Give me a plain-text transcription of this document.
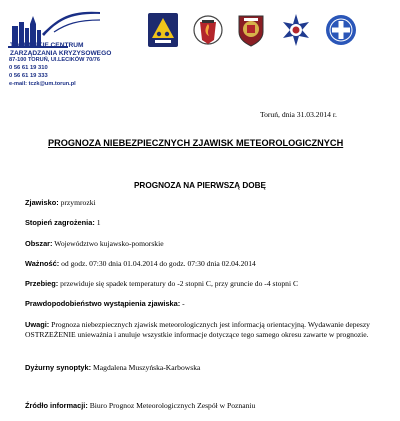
TORUŃSKIE CENTRUM
ZARZĄDZANIA KRYZYSOWEGO
87-100 TORUŃ, Ul.LECIKÓW 70/76
0 56 61 19 310
0 56 61 19 333
e-mail: tczk@um.torun.pl
Toruń, dnia 31.03.2014 r.
PROGNOZA NIEBEZPIECZNYCH ZJAWISK METEOROLOGICZNYCH
PROGNOZA NA PIERWSZĄ DOBĘ
Zjawisko: przymrozki
Stopień zagrożenia: 1
Obszar: Województwo kujawsko-pomorskie
Ważność: od godz. 07:30 dnia 01.04.2014 do godz. 07:30 dnia 02.04.2014
Przebieg: przewiduje się spadek temperatury do -2 stopni C, przy gruncie do -4 stopni C
Prawdopodobieństwo wystąpienia zjawiska: -
Uwagi: Prognoza niebezpiecznych zjawisk meteorologicznych jest informacją orientacyjną. Wydawanie depeszy OSTRZEŻENIE unieważnia i anuluje wszystkie informacje dotyczące tego samego okresu zawarte w prognozie.
Dyżurny synoptyk: Magdalena Muszyńska-Karbowska
Źródło informacji: Biuro Prognoz Meteorologicznych Zespół w Poznaniu
